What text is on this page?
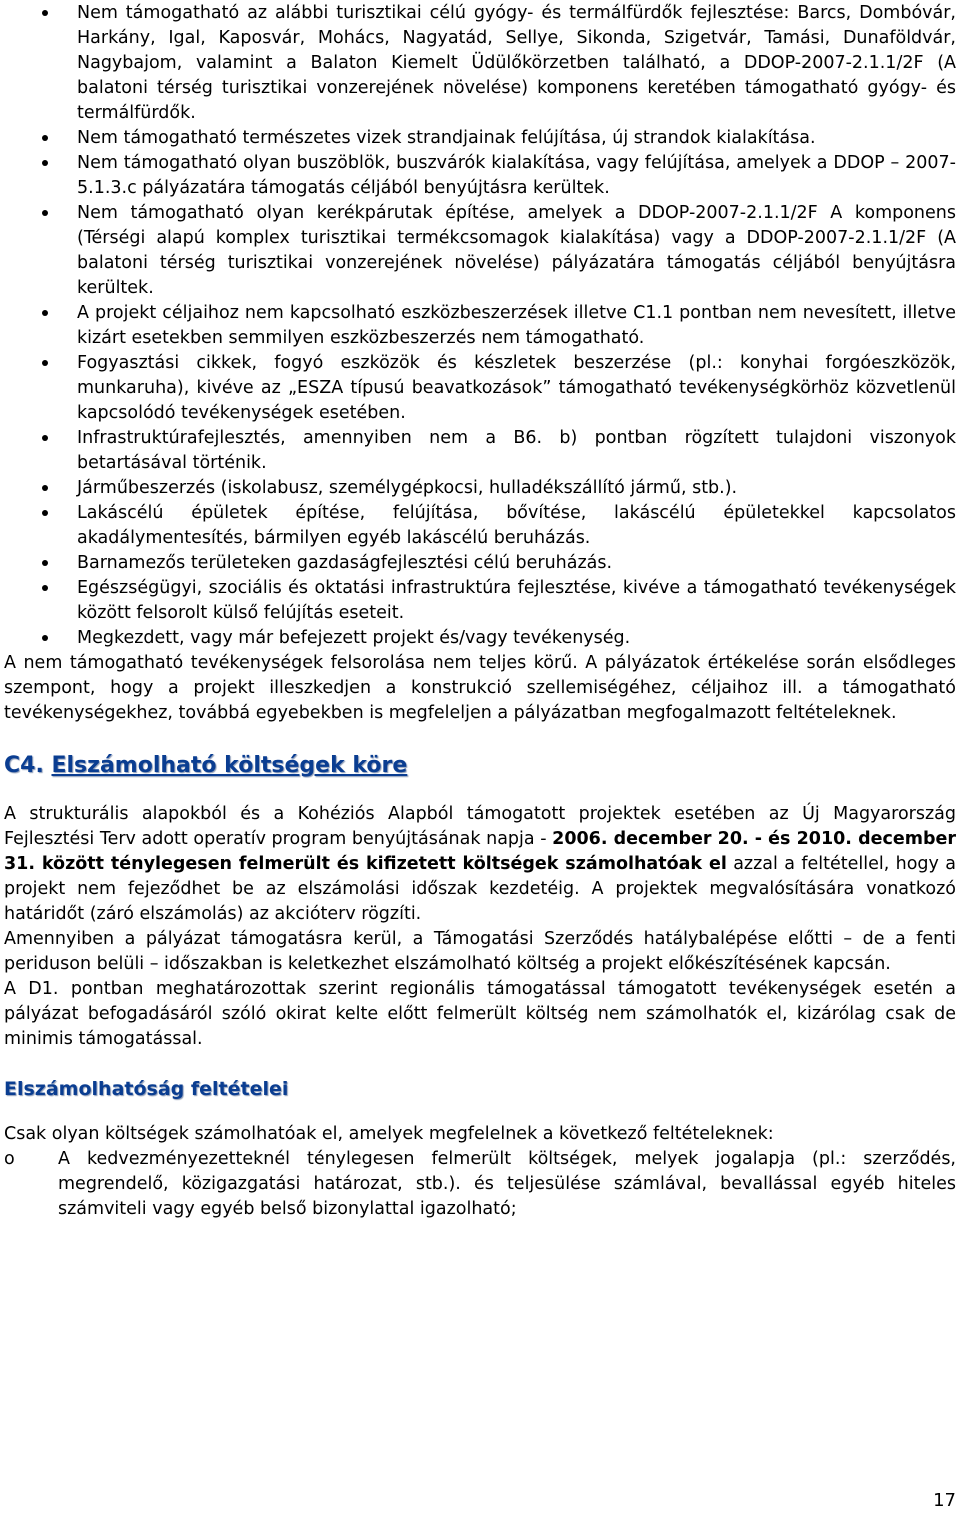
Nem támogatható az alábbi turisztikai célú gyógy- és termálfürdők fejlesztése: Barcs, Dombóvár, Harkány, Igal, Kaposvár, Mohács, Nagyatád, Sellye, Sikonda, Szigetvár, Tamási, Dunaföldvár, Nagybajom, valamint a Balaton Kiemelt Üdülőkörzetben található, a DDOP-2007-2.1.1/2F (A balatoni térség turisztikai vonzerejének növelése) komponens keretében támogatható gyógy- és termálfürdők.
Nem támogatható természetes vizek strandjainak felújítása, új strandok kialakítása.
Nem támogatható olyan buszöblök, buszvárók kialakítása, vagy felújítása, amelyek a DDOP – 2007- 5.1.3.c pályázatára támogatás céljából benyújtásra kerültek.
Nem támogatható olyan kerékpárutak építése, amelyek a DDOP-2007-2.1.1/2F A komponens (Térségi alapú komplex turisztikai termékcsomagok kialakítása) vagy a DDOP-2007-2.1.1/2F (A balatoni térség turisztikai vonzerejének növelése) pályázatára támogatás céljából benyújtásra kerültek.
A projekt céljaihoz nem kapcsolható eszközbeszerzések illetve C1.1 pontban nem nevesített, illetve kizárt esetekben semmilyen eszközbeszerzés nem támogatható.
Fogyasztási cikkek, fogyó eszközök és készletek beszerzése (pl.: konyhai forgóeszközök, munkaruha), kivéve az „ESZA típusú beavatkozások” támogatható tevékenységkörhöz közvetlenül kapcsolódó tevékenységek esetében.
Infrastruktúrafejlesztés, amennyiben nem a B6. b) pontban rögzített tulajdoni viszonyok betartásával történik.
Járműbeszerzés (iskolabusz, személygépkocsi, hulladékszállító jármű, stb.).
Lakáscélú épületek építése, felújítása, bővítése, lakáscélú épületekkel kapcsolatos akadálymentesítés, bármilyen egyéb lakáscélú beruházás.
Barnamezős területeken gazdaságfejlesztési célú beruházás.
Egészségügyi, szociális és oktatási infrastruktúra fejlesztése, kivéve a támogatható tevékenységek között felsorolt külső felújítás eseteit.
Megkezdett, vagy már befejezett projekt és/vagy tevékenység.

A nem támogatható tevékenységek felsorolása nem teljes körű. A pályázatok értékelése során elsődleges szempont, hogy a projekt illeszkedjen a konstrukció szellemiségéhez, céljaihoz ill. a támogatható tevékenységekhez, továbbá egyebekben is megfeleljen a pályázatban megfogalmazott feltételeknek.

C4. Elszámolható költségek köre

A strukturális alapokból és a Kohéziós Alapból támogatott projektek esetében az Új Magyarország Fejlesztési Terv adott operatív program benyújtásának napja - 2006. december 20. - és 2010. december 31. között ténylegesen felmerült és kifizetett költségek számolhatóak el azzal a feltétellel, hogy a projekt nem fejeződhet be az elszámolási időszak kezdetéig. A projektek megvalósítására vonatkozó határidőt (záró elszámolás) az akcióterv rögzíti.

Amennyiben a pályázat támogatásra kerül, a Támogatási Szerződés hatálybalépése előtti – de a fenti periduson belüli – időszakban is keletkezhet elszámolható költség a projekt előkészítésének kapcsán.

A D1. pontban meghatározottak szerint regionális támogatással támogatott tevékenységek esetén a pályázat befogadásáról szóló okirat kelte előtt felmerült költség nem számolhatók el, kizárólag csak de minimis támogatással.

Elszámolhatóság feltételei

Csak olyan költségek számolhatóak el, amelyek megfelelnek a következő feltételeknek:

o A kedvezményezetteknél ténylegesen felmerült költségek, melyek jogalapja (pl.: szerződés, megrendelő, közigazgatási határozat, stb.). és teljesülése számlával, bevallással egyéb hiteles számviteli vagy egyéb belső bizonylattal igazolható;
17
